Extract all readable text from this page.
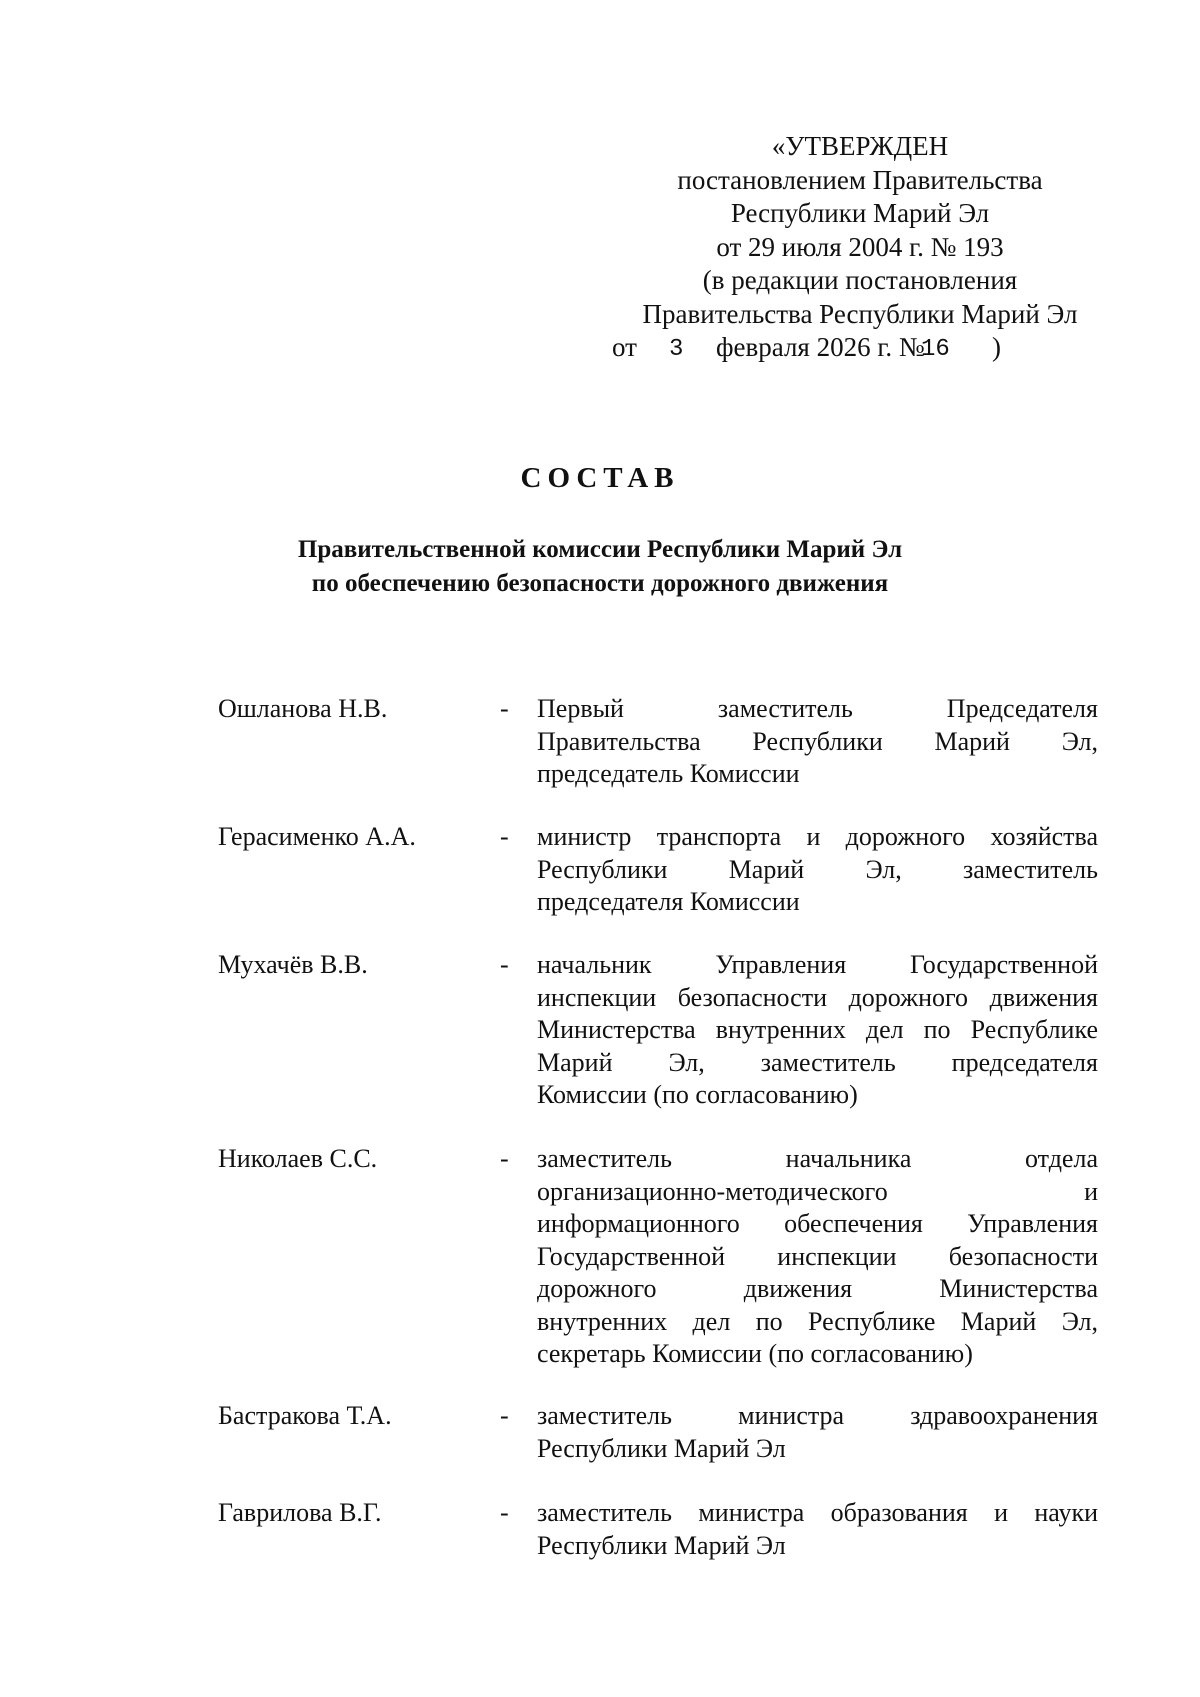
«УТВЕРЖДЕН
постановлением Правительства
Республики Марий Эл
от 29 июля 2004 г. № 193
(в редакции постановления
Правительства Республики Марий Эл
от 3 февраля 2026 г. №
16 )
СОСТАВ
Правительственной комиссии Республики Марий Эл
по обеспечению безопасности дорожного движения
Ошланова Н.В.	- Первый заместитель Председателя
Правительства Республики Марий Эл,
председатель Комиссии
Герасименко А.А.	- министр транспорта и дорожного хозяйства
Республики Марий Эл, заместитель
председателя Комиссии
Мухачёв В.В.	- начальник Управления Государственной
инспекции безопасности дорожного движения
Министерства внутренних дел по Республике
Марий Эл, заместитель председателя
Комиссии (по согласованию)
Николаев С.С.	- заместитель начальника отдела
организационно-методического и
информационного обеспечения Управления
Государственной инспекции безопасности
дорожного движения Министерства
внутренних дел по Республике Марий Эл,
секретарь Комиссии (по согласованию)
Бастракова Т.А.	- заместитель министра здравоохранения
Республики Марий Эл
Гаврилова В.Г.	- заместитель министра образования и науки
Республики Марий Эл
